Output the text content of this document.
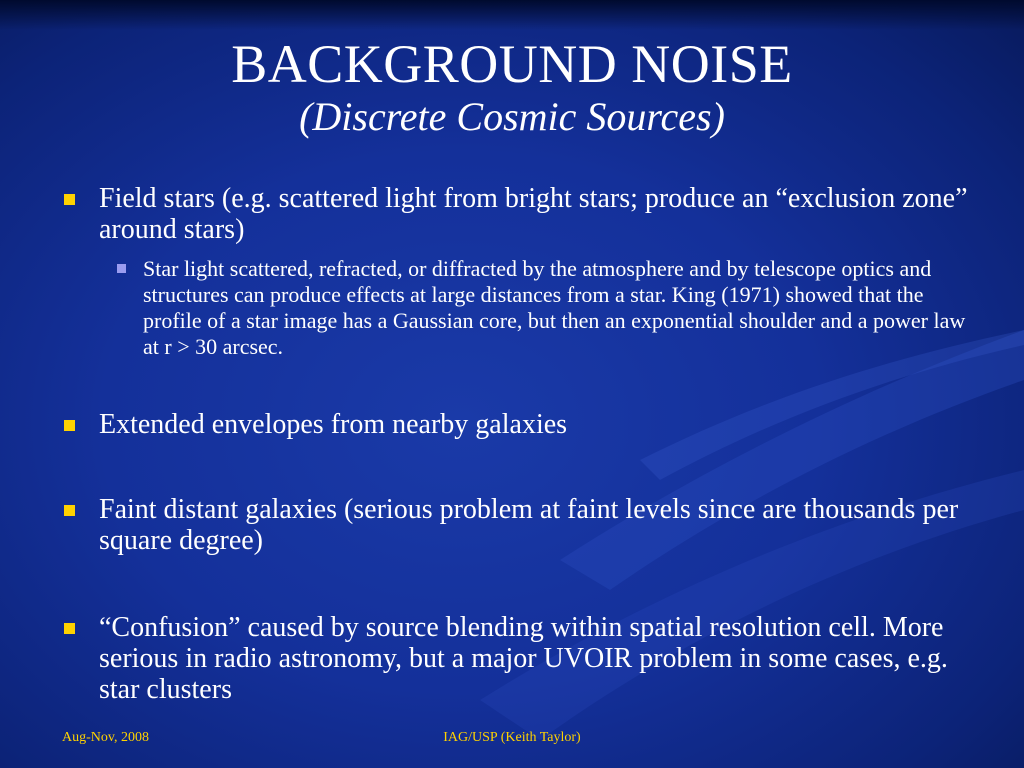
BACKGROUND NOISE
(Discrete Cosmic Sources)
Field stars (e.g. scattered light from bright stars; produce an “exclusion zone” around stars)
Star light scattered, refracted, or diffracted by the atmosphere and by telescope optics and structures can produce effects at large distances from a star. King (1971) showed that the profile of a star image has a Gaussian core, but then an exponential shoulder and a power law at r > 30 arcsec.
Extended envelopes from nearby galaxies
Faint distant galaxies (serious problem at faint levels since are thousands per square degree)
“Confusion” caused by source blending within spatial resolution cell. More serious in radio astronomy, but a major UVOIR problem in some cases, e.g. star clusters
Aug-Nov, 2008	IAG/USP (Keith Taylor)
